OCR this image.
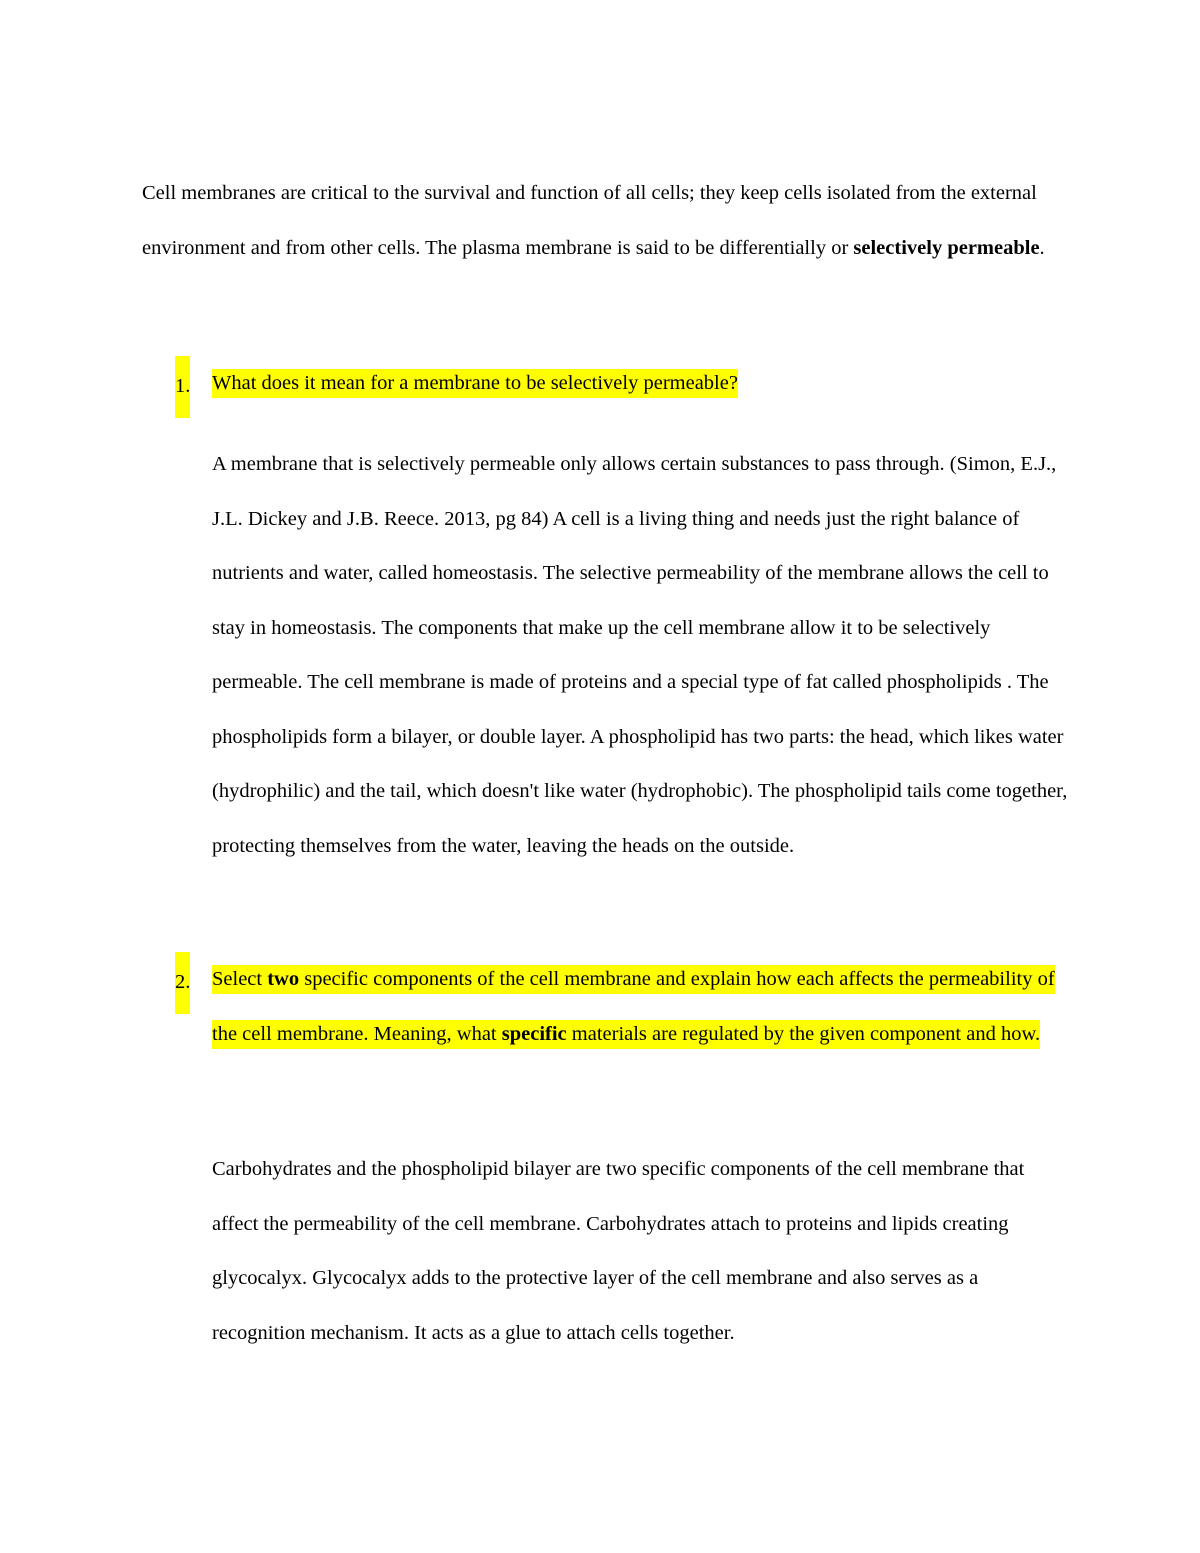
Cell membranes are critical to the survival and function of all cells; they keep cells isolated from the external environment and from other cells. The plasma membrane is said to be differentially or selectively permeable.

1. What does it mean for a membrane to be selectively permeable?

A membrane that is selectively permeable only allows certain substances to pass through. (Simon, E.J., J.L. Dickey and J.B. Reece. 2013, pg 84) A cell is a living thing and needs just the right balance of nutrients and water, called homeostasis. The selective permeability of the membrane allows the cell to stay in homeostasis. The components that make up the cell membrane allow it to be selectively permeable. The cell membrane is made of proteins and a special type of fat called phospholipids . The phospholipids form a bilayer, or double layer. A phospholipid has two parts: the head, which likes water (hydrophilic) and the tail, which doesn't like water (hydrophobic). The phospholipid tails come together, protecting themselves from the water, leaving the heads on the outside.

2. Select two specific components of the cell membrane and explain how each affects the permeability of the cell membrane. Meaning, what specific materials are regulated by the given component and how.

Carbohydrates and the phospholipid bilayer are two specific components of the cell membrane that affect the permeability of the cell membrane. Carbohydrates attach to proteins and lipids creating glycocalyx. Glycocalyx adds to the protective layer of the cell membrane and also serves as a recognition mechanism. It acts as a glue to attach cells together.
